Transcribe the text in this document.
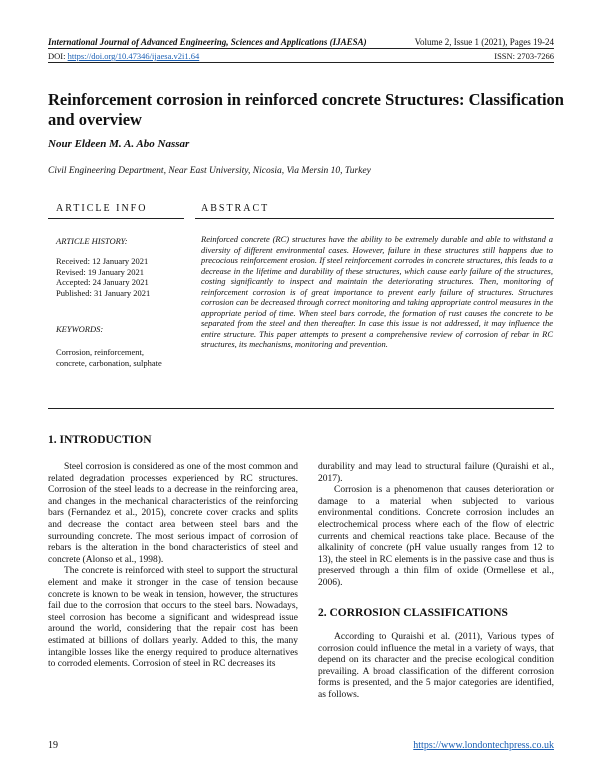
International Journal of Advanced Engineering, Sciences and Applications (IJAESA)	Volume 2, Issue 1 (2021), Pages 19-24
DOI: https://doi.org/10.47346/ijaesa.v2i1.64	ISSN: 2703-7266
Reinforcement corrosion in reinforced concrete Structures: Classification and overview
Nour Eldeen M. A. Abo Nassar
Civil Engineering Department, Near East University, Nicosia, Via Mersin 10, Turkey
ARTICLE INFO	ABSTRACT
ARTICLE HISTORY:
Received: 12 January 2021
Revised: 19 January 2021
Accepted: 24 January 2021
Published: 31 January 2021
KEYWORDS:
Corrosion, reinforcement, concrete, carbonation, sulphate
Reinforced concrete (RC) structures have the ability to be extremely durable and able to withstand a diversity of different environmental cases. However, failure in these structures still happens due to precocious reinforcement erosion. If steel reinforcement corrodes in concrete structures, this leads to a decrease in the lifetime and durability of these structures, which cause early failure of the structures, costing significantly to inspect and maintain the deteriorating structures. Then, monitoring of reinforcement corrosion is of great importance to prevent early failure of structures. Structures corrosion can be decreased through correct monitoring and taking appropriate control measures in the appropriate period of time. When steel bars corrode, the formation of rust causes the concrete to be separated from the steel and then thereafter. In case this issue is not addressed, it may influence the entire structure. This paper attempts to present a comprehensive review of corrosion of rebar in RC structures, its mechanisms, monitoring and prevention.
1. INTRODUCTION

Steel corrosion is considered as one of the most common and related degradation processes experienced by RC structures. Corrosion of the steel leads to a decrease in the reinforcing area, and changes in the mechanical characteristics of the reinforcing bars (Fernandez et al., 2015), concrete cover cracks and splits and decrease the contact area between steel bars and the surrounding concrete. The most serious impact of corrosion of rebars is the alteration in the bond characteristics of steel and concrete (Alonso et al., 1998).

The concrete is reinforced with steel to support the structural element and make it stronger in the case of tension because concrete is known to be weak in tension, however, the structures fail due to the corrosion that occurs to the steel bars. Nowadays, steel corrosion has become a significant and widespread issue around the world, considering that the repair cost has been estimated at billions of dollars yearly. Added to this, the many intangible losses like the energy required to produce alternatives to corroded elements. Corrosion of steel in RC decreases its

durability and may lead to structural failure (Quraishi et al., 2017).

Corrosion is a phenomenon that causes deterioration or damage to a material when subjected to various environmental conditions. Concrete corrosion includes an electrochemical process where each of the flow of electric currents and chemical reactions take place. Because of the alkalinity of concrete (pH value usually ranges from 12 to 13), the steel in RC elements is in the passive case and thus is preserved through a thin film of oxide (Ormellese et al., 2006).

2. CORROSION CLASSIFICATIONS

According to Quraishi et al. (2011), Various types of corrosion could influence the metal in a variety of ways, that depend on its character and the precise ecological condition prevailing. A broad classification of the different corrosion forms is presented, and the 5 major categories are identified, as follows.

19	https://www.londontechpress.co.uk
